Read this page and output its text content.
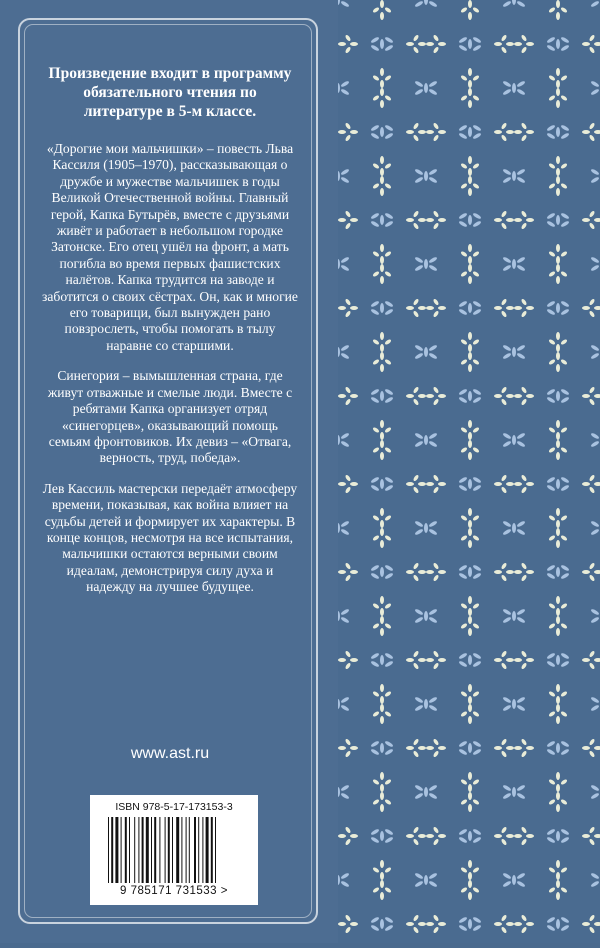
Произведение входит в программу обязательного чтения по литературе в 5-м классе.

«Дорогие мои мальчишки» – повесть Льва Кассиля (1905–1970), рассказывающая о дружбе и мужестве мальчишек в годы Великой Отечественной войны. Главный герой, Капка Бутырёв, вместе с друзьями живёт и работает в небольшом городке Затонске. Его отец ушёл на фронт, а мать погибла во время первых фашистских налётов. Капка трудится на заводе и заботится о своих сёстрах. Он, как и многие его товарищи, был вынужден рано повзрослеть, чтобы помогать в тылу наравне со старшими.

Синегория – вымышленная страна, где живут отважные и смелые люди. Вместе с ребятами Капка организует отряд «синегорцев», оказывающий помощь семьям фронтовиков. Их девиз – «Отвага, верность, труд, победа».

Лев Кассиль мастерски передаёт атмосферу времени, показывая, как война влияет на судьбы детей и формирует их характеры. В конце концов, несмотря на все испытания, мальчишки остаются верными своим идеалам, демонстрируя силу духа и надежду на лучшее будущее.

www.ast.ru
ISBN 978-5-17-173153-3
9 785171 731533 >
